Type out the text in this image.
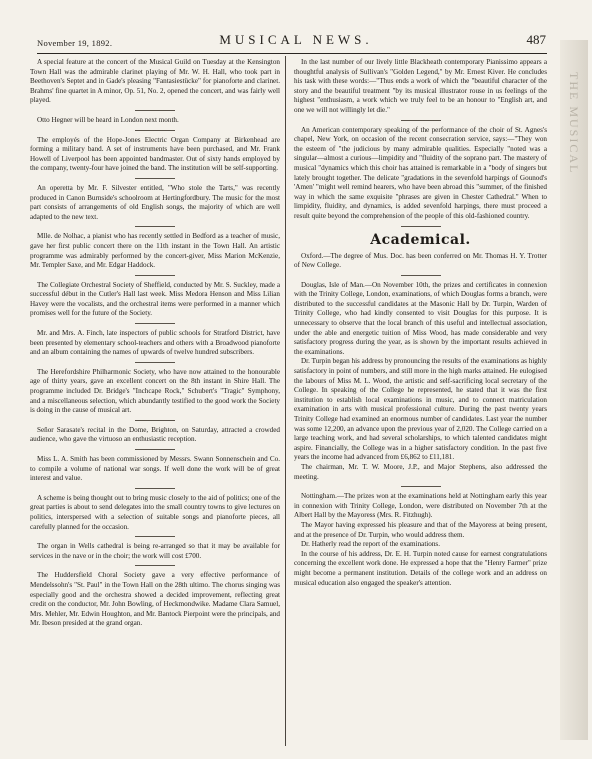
November 19, 1892.	MUSICAL NEWS.	487

A special feature at the concert of the Musical Guild on Tuesday at the Kensington Town Hall was the admirable clarinet playing of Mr. W. H. Hall, who took part in Beethoven's Septet and in Gade's pleasing "Fantasiestücke" for pianoforte and clarinet. Brahms' fine quartet in A minor, Op. 51, No. 2, opened the concert, and was fairly well played.

Otto Hegner will be heard in London next month.

The employés of the Hope-Jones Electric Organ Company at Birkenhead are forming a military band. A set of instruments have been purchased, and Mr. Frank Howell of Liverpool has been appointed bandmaster. Out of sixty hands employed by the company, twenty-four have joined the band. The institution will be self-supporting.

An operetta by Mr. F. Silvester entitled, "Who stole the Tarts," was recently produced in Canon Burnside's schoolroom at Hertingfordbury. The music for the most part consists of arrangements of old English songs, the majority of which are well adapted to the new text.

Mlle. de Nolhac, a pianist who has recently settled in Bedford as a teacher of music, gave her first public concert there on the 11th instant in the Town Hall. An artistic programme was admirably performed by the concert-giver, Miss Marion McKenzie, Mr. Templer Saxe, and Mr. Edgar Haddock.

The Collegiate Orchestral Society of Sheffield, conducted by Mr. S. Suckley, made a successful début in the Cutler's Hall last week. Miss Medora Henson and Miss Lilian Havey were the vocalists, and the orchestral items were performed in a manner which promises well for the future of the Society.

Mr. and Mrs. A. Finch, late inspectors of public schools for Stratford District, have been presented by elementary school-teachers and others with a Broadwood pianoforte and an album containing the names of upwards of twelve hundred subscribers.

The Herefordshire Philharmonic Society, who have now attained to the honourable age of thirty years, gave an excellent concert on the 8th instant in Shire Hall. The programme included Dr. Bridge's "Inchcape Rock," Schubert's "Tragic" Symphony, and a miscellaneous selection, which abundantly testified to the good work the Society is doing in the cause of musical art.

Señor Sarasate's recital in the Dome, Brighton, on Saturday, attracted a crowded audience, who gave the virtuoso an enthusiastic reception.

Miss L. A. Smith has been commissioned by Messrs. Swann Sonnenschein and Co. to compile a volume of national war songs. If well done the work will be of great interest and value.

A scheme is being thought out to bring music closely to the aid of politics; one of the great parties is about to send delegates into the small country towns to give lectures on politics, interspersed with a selection of suitable songs and pianoforte pieces, all carefully planned for the occasion.

The organ in Wells cathedral is being re-arranged so that it may be available for services in the nave or in the choir; the work will cost £700.

The Huddersfield Choral Society gave a very effective performance of Mendelssohn's "St. Paul" in the Town Hall on the 28th ultimo. The chorus singing was especially good and the orchestra showed a decided improvement, reflecting great credit on the conductor, Mr. John Bowling, of Heckmondwike. Madame Clara Samuel, Mrs. Mehler, Mr. Edwin Houghton, and Mr. Bantock Pierpoint were the principals, and Mr. Ibeson presided at the grand organ.

In the last number of our lively little Blackheath contemporary Pianissimo appears a thoughtful analysis of Sullivan's "Golden Legend," by Mr. Ernest Kiver. He concludes his task with these words:—"Thus ends a work of which the "beautiful character of the story and the beautiful treatment "by its musical illustrator rouse in us feelings of the highest "enthusiasm, a work which we truly feel to be an honour to "English art, and one we will not willingly let die."

An American contemporary speaking of the performance of the choir of St. Agnes's chapel, New York, on occasion of the recent consecration service, says:—"They won the esteem of "the judicious by many admirable qualities. Especially "noted was a singular—almost a curious—limpidity and "fluidity of the soprano part. The mastery of musical "dynamics which this choir has attained is remarkable in a "body of singers but lately brought together. The delicate "gradations in the sevenfold harpings of Gounod's 'Amen' "might well remind hearers, who have been abroad this "summer, of the finished way in which the same exquisite "phrases are given in Chester Cathedral." When to limpidity, fluidity, and dynamics, is added sevenfold harpings, there must proceed a result quite beyond the comprehension of the people of this old-fashioned country.

Academical.

Oxford.—The degree of Mus. Doc. has been conferred on Mr. Thomas H. Y. Trotter of New College.

Douglas, Isle of Man.—On November 10th, the prizes and certificates in connexion with the Trinity College, London, examinations, of which Douglas forms a branch, were distributed to the successful candidates at the Masonic Hall by Dr. Turpin, Warden of Trinity College, who had kindly consented to visit Douglas for this purpose. It is unnecessary to observe that the local branch of this useful and intellectual association, under the able and energetic tuition of Miss Wood, has made considerable and very satisfactory progress during the year, as is shown by the important results achieved in the examinations.

Dr. Turpin began his address by pronouncing the results of the examinations as highly satisfactory in point of numbers, and still more in the high marks attained. He eulogised the labours of Miss M. L. Wood, the artistic and self-sacrificing local secretary of the College. In speaking of the College he represented, he stated that it was the first institution to establish local examinations in music, and to connect matriculation examination in arts with musical professional culture. During the past twenty years Trinity College had examined an enormous number of candidates. Last year the number was some 12,200, an advance upon the previous year of 2,020. The College carried on a large teaching work, and had several scholarships, to which talented candidates might aspire. Financially, the College was in a higher satisfactory condition. In the past five years the income had advanced from £6,862 to £11,181.

The chairman, Mr. T. W. Moore, J.P., and Major Stephens, also addressed the meeting.

Nottingham.—The prizes won at the examinations held at Nottingham early this year in connexion with Trinity College, London, were distributed on November 7th at the Albert Hall by the Mayoress (Mrs. R. Fitzhugh).

The Mayor having expressed his pleasure and that of the Mayoress at being present, and at the presence of Dr. Turpin, who would address them.

Dr. Hatherly read the report of the examinations.

In the course of his address, Dr. E. H. Turpin noted cause for earnest congratulations concerning the excellent work done. He expressed a hope that the "Henry Farmer" prize might become a permanent institution. Details of the college work and an address on musical education also engaged the speaker's attention.

THE MUSICAL
